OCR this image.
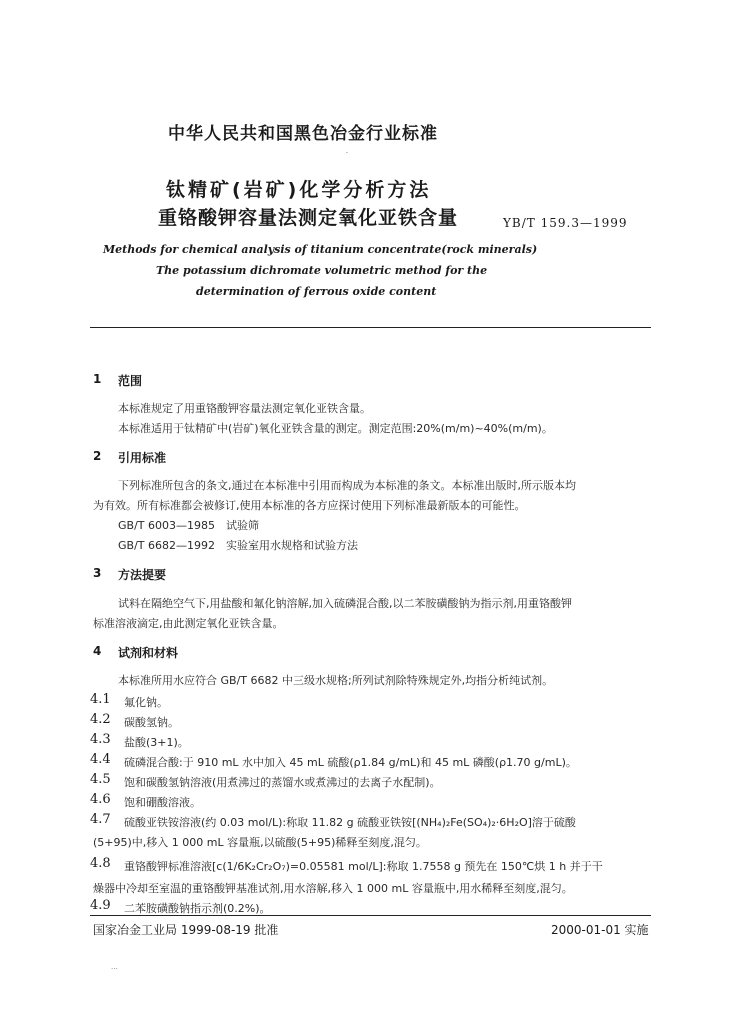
中华人民共和国黑色冶金行业标准
·
钛精矿(岩矿)化学分析方法
重铬酸钾容量法测定氧化亚铁含量	YB/T 159.3—1999
Methods for chemical analysis of titanium concentrate(rock minerals)
The potassium dichromate volumetric method for the
determination of ferrous oxide content
1 范围
本标准规定了用重铬酸钾容量法测定氧化亚铁含量。
本标准适用于钛精矿中(岩矿)氧化亚铁含量的测定。测定范围:20%(m/m)~40%(m/m)。
2 引用标准
下列标准所包含的条文,通过在本标准中引用而构成为本标准的条文。本标准出版时,所示版本均
为有效。所有标准都会被修订,使用本标准的各方应探讨使用下列标准最新版本的可能性。
GB/T 6003—1985　试验筛
GB/T 6682—1992　实验室用水规格和试验方法
3 方法提要
试料在隔绝空气下,用盐酸和氟化钠溶解,加入硫磷混合酸,以二苯胺磺酸钠为指示剂,用重铬酸钾
标准溶液滴定,由此测定氧化亚铁含量。
4 试剂和材料
本标准所用水应符合 GB/T 6682 中三级水规格;所列试剂除特殊规定外,均指分析纯试剂。
4.1 氟化钠。
4.2 碳酸氢钠。
4.3 盐酸(3+1)。
4.4 硫磷混合酸:于 910 mL 水中加入 45 mL 硫酸(ρ1.84 g/mL)和 45 mL 磷酸(ρ1.70 g/mL)。
4.5 饱和碳酸氢钠溶液(用煮沸过的蒸馏水或煮沸过的去离子水配制)。
4.6 饱和硼酸溶液。
4.7 硫酸亚铁铵溶液(约 0.03 mol/L):称取 11.82 g 硫酸亚铁铵[(NH₄)₂Fe(SO₄)₂·6H₂O]溶于硫酸
(5+95)中,移入 1 000 mL 容量瓶,以硫酸(5+95)稀释至刻度,混匀。
4.8 重铬酸钾标准溶液[c(1/6K₂Cr₂O₇)=0.05581 mol/L]:称取 1.7558 g 预先在 150℃烘 1 h 并于干
燥器中冷却至室温的重铬酸钾基准试剂,用水溶解,移入 1 000 mL 容量瓶中,用水稀释至刻度,混匀。
4.9 二苯胺磺酸钠指示剂(0.2%)。
国家冶金工业局 1999-08-19 批准	2000-01-01 实施
···
